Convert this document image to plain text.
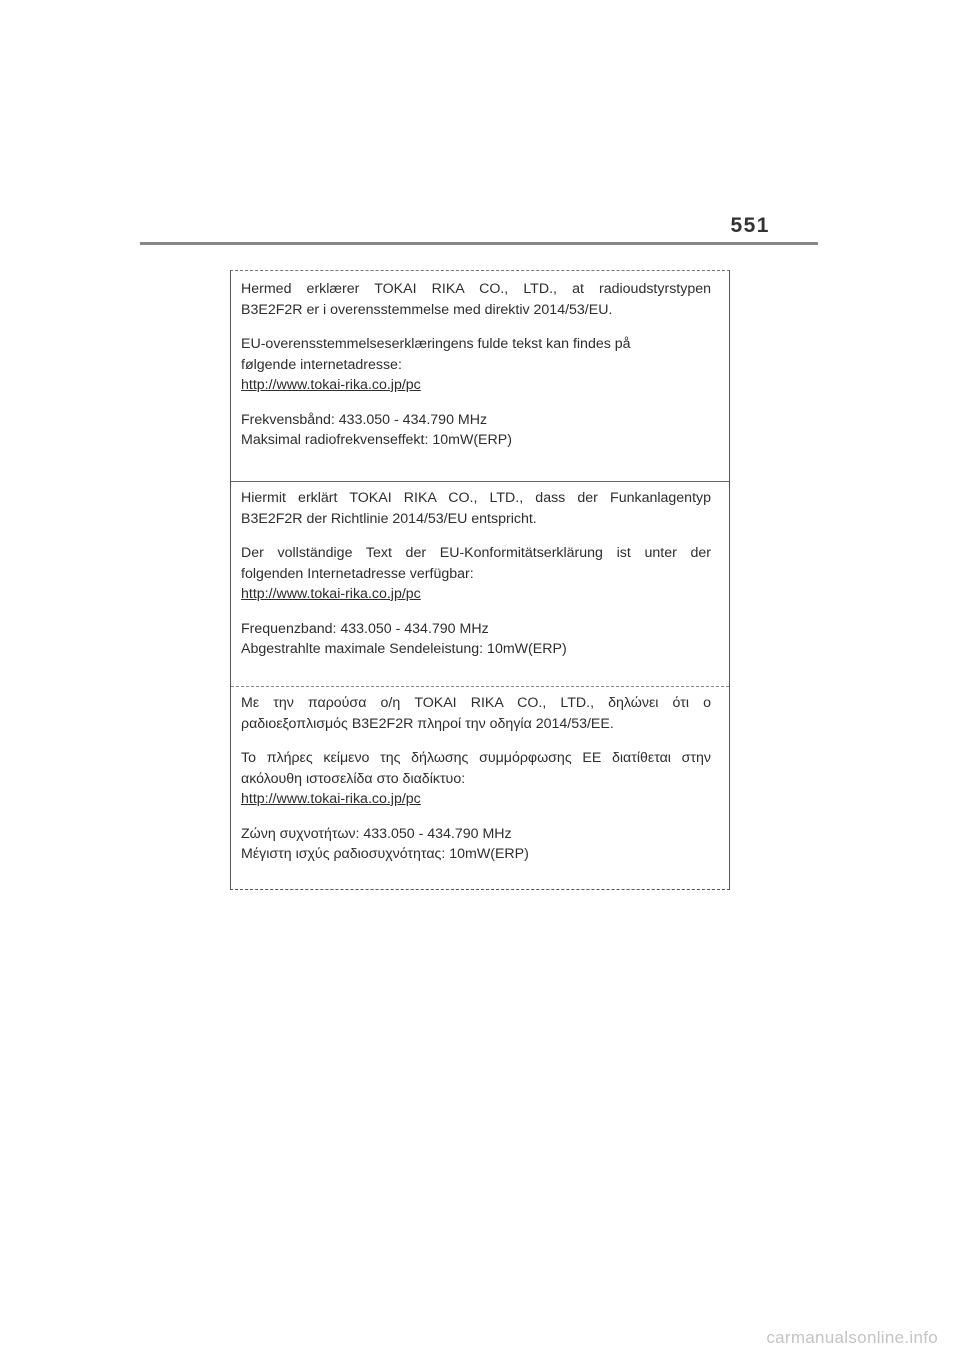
551

Hermed erklærer TOKAI RIKA CO., LTD., at radioudstyrstypen

B3E2F2R er i overensstemmelse med direktiv 2014/53/EU.

EU-overensstemmelseserklæringens fulde tekst kan findes på

følgende internetadresse:

http://www.tokai-rika.co.jp/pc

Frekvensbånd: 433.050 - 434.790 MHz

Maksimal radiofrekvenseffekt: 10mW(ERP)

Hiermit erklärt TOKAI RIKA CO., LTD., dass der Funkanlagentyp

B3E2F2R der Richtlinie 2014/53/EU entspricht.

Der vollständige Text der EU-Konformitätserklärung ist unter der

folgenden Internetadresse verfügbar:

http://www.tokai-rika.co.jp/pc

Frequenzband: 433.050 - 434.790 MHz

Abgestrahlte maximale Sendeleistung: 10mW(ERP)

Με την παρούσα ο/η TOKAI RIKA CO., LTD., δηλώνει ότι ο

ραδιοεξοπλισμός B3E2F2R πληροί την οδηγία 2014/53/ΕΕ.

Το πλήρες κείμενο της δήλωσης συμμόρφωσης ΕΕ διατίθεται στην

ακόλουθη ιστοσελίδα στο διαδίκτυο:

http://www.tokai-rika.co.jp/pc

Ζώνη συχνοτήτων: 433.050 - 434.790 MHz

Μέγιστη ισχύς ραδιοσυχνότητας: 10mW(ERP)

carmanualsonline.info
